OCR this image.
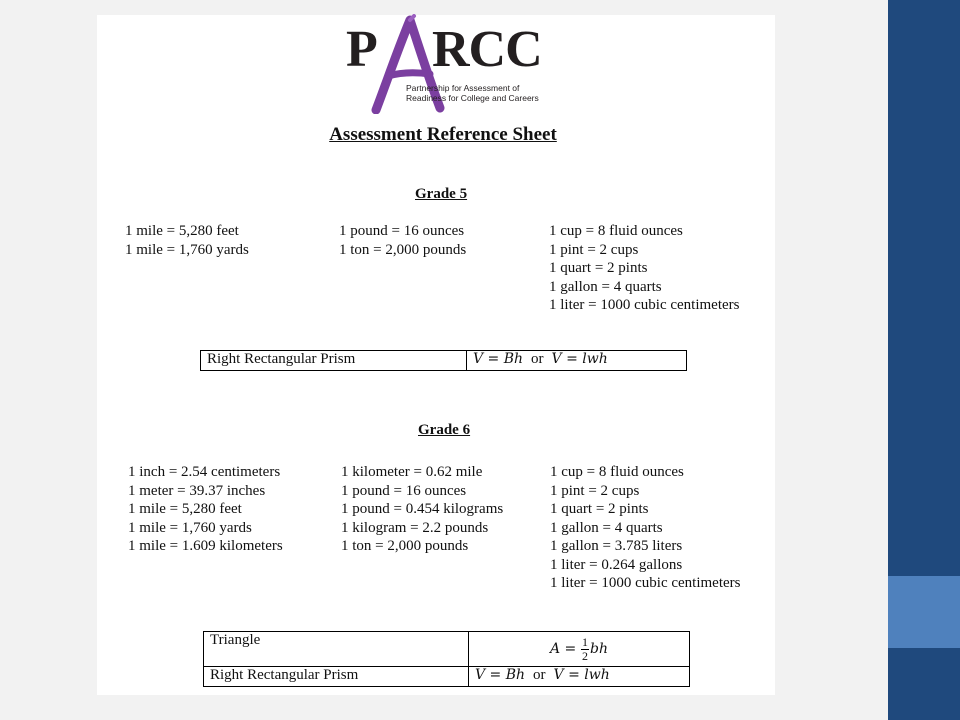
P RCC
Partnership for Assessment of
Readiness for College and Careers
Assessment Reference Sheet
Grade 5
1 mile = 5,280 feet
1 mile = 1,760 yards
1 pound = 16 ounces
1 ton = 2,000 pounds
1 cup = 8 fluid ounces
1 pint = 2 cups
1 quart = 2 pints
1 gallon = 4 quarts
1 liter = 1000 cubic centimeters
Right Rectangular Prism	V = Bh or V = lwh
Grade 6
1 inch = 2.54 centimeters
1 meter = 39.37 inches
1 mile = 5,280 feet
1 mile = 1,760 yards
1 mile = 1.609 kilometers
1 kilometer = 0.62 mile
1 pound = 16 ounces
1 pound = 0.454 kilograms
1 kilogram = 2.2 pounds
1 ton = 2,000 pounds
1 cup = 8 fluid ounces
1 pint = 2 cups
1 quart = 2 pints
1 gallon = 4 quarts
1 gallon = 3.785 liters
1 liter = 0.264 gallons
1 liter = 1000 cubic centimeters
Triangle	$A = \frac{1}{2}$ bh
Right Rectangular Prism	V = Bh or V = lwh
